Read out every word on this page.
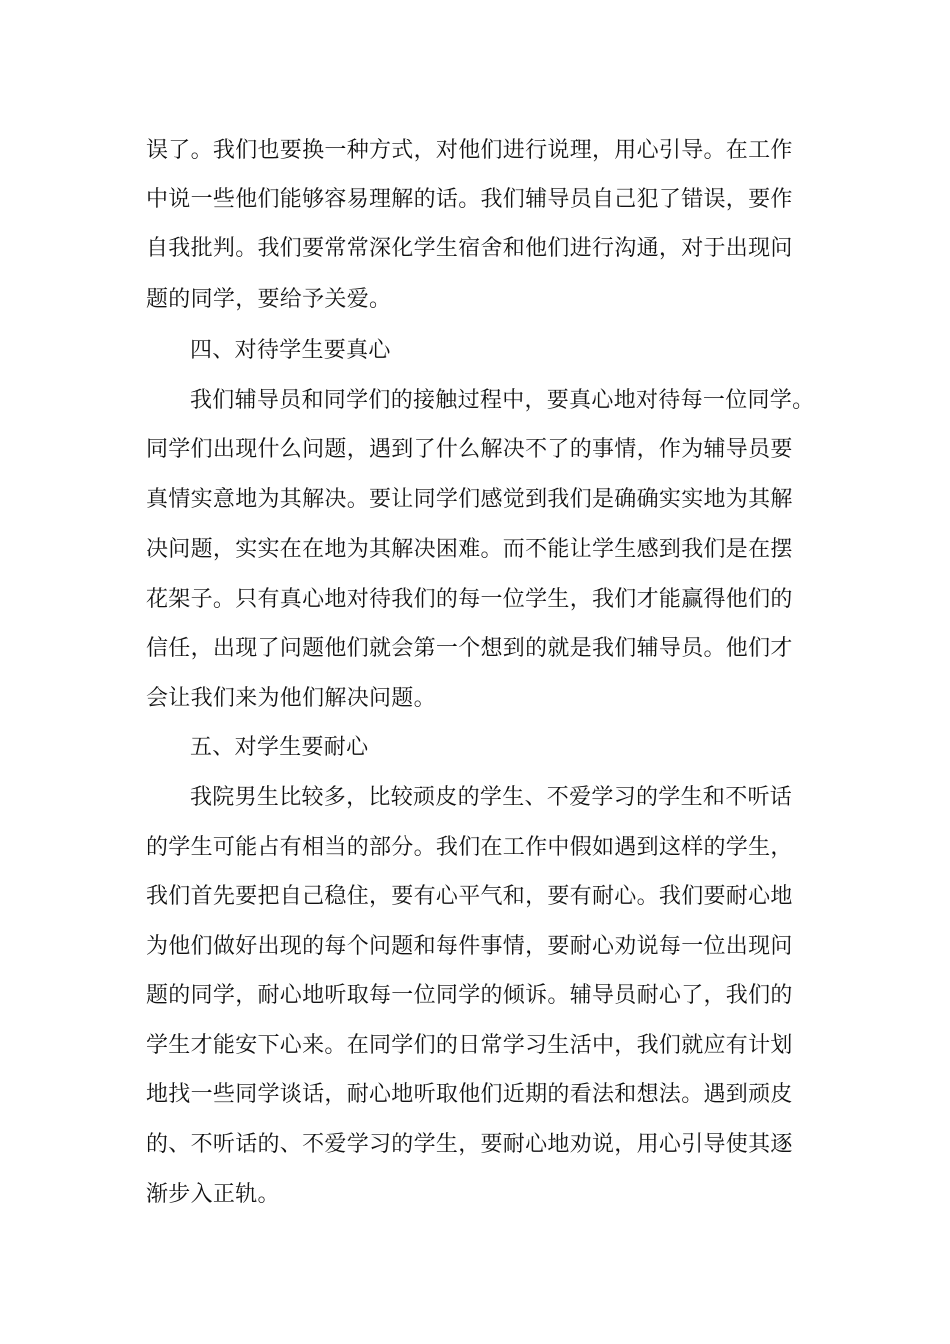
误了。我们也要换一种方式，对他们进行说理，用心引导。在工作
中说一些他们能够容易理解的话。我们辅导员自己犯了错误，要作
自我批判。我们要常常深化学生宿舍和他们进行沟通，对于出现问
题的同学，要给予关爱。
四、对待学生要真心
我们辅导员和同学们的接触过程中，要真心地对待每一位同学。
同学们出现什么问题，遇到了什么解决不了的事情，作为辅导员要
真情实意地为其解决。要让同学们感觉到我们是确确实实地为其解
决问题，实实在在地为其解决困难。而不能让学生感到我们是在摆
花架子。只有真心地对待我们的每一位学生，我们才能赢得他们的
信任，出现了问题他们就会第一个想到的就是我们辅导员。他们才
会让我们来为他们解决问题。
五、对学生要耐心
我院男生比较多，比较顽皮的学生、不爱学习的学生和不听话
的学生可能占有相当的部分。我们在工作中假如遇到这样的学生，
我们首先要把自己稳住，要有心平气和，要有耐心。我们要耐心地
为他们做好出现的每个问题和每件事情，要耐心劝说每一位出现问
题的同学，耐心地听取每一位同学的倾诉。辅导员耐心了，我们的
学生才能安下心来。在同学们的日常学习生活中，我们就应有计划
地找一些同学谈话，耐心地听取他们近期的看法和想法。遇到顽皮
的、不听话的、不爱学习的学生，要耐心地劝说，用心引导使其逐
渐步入正轨。
